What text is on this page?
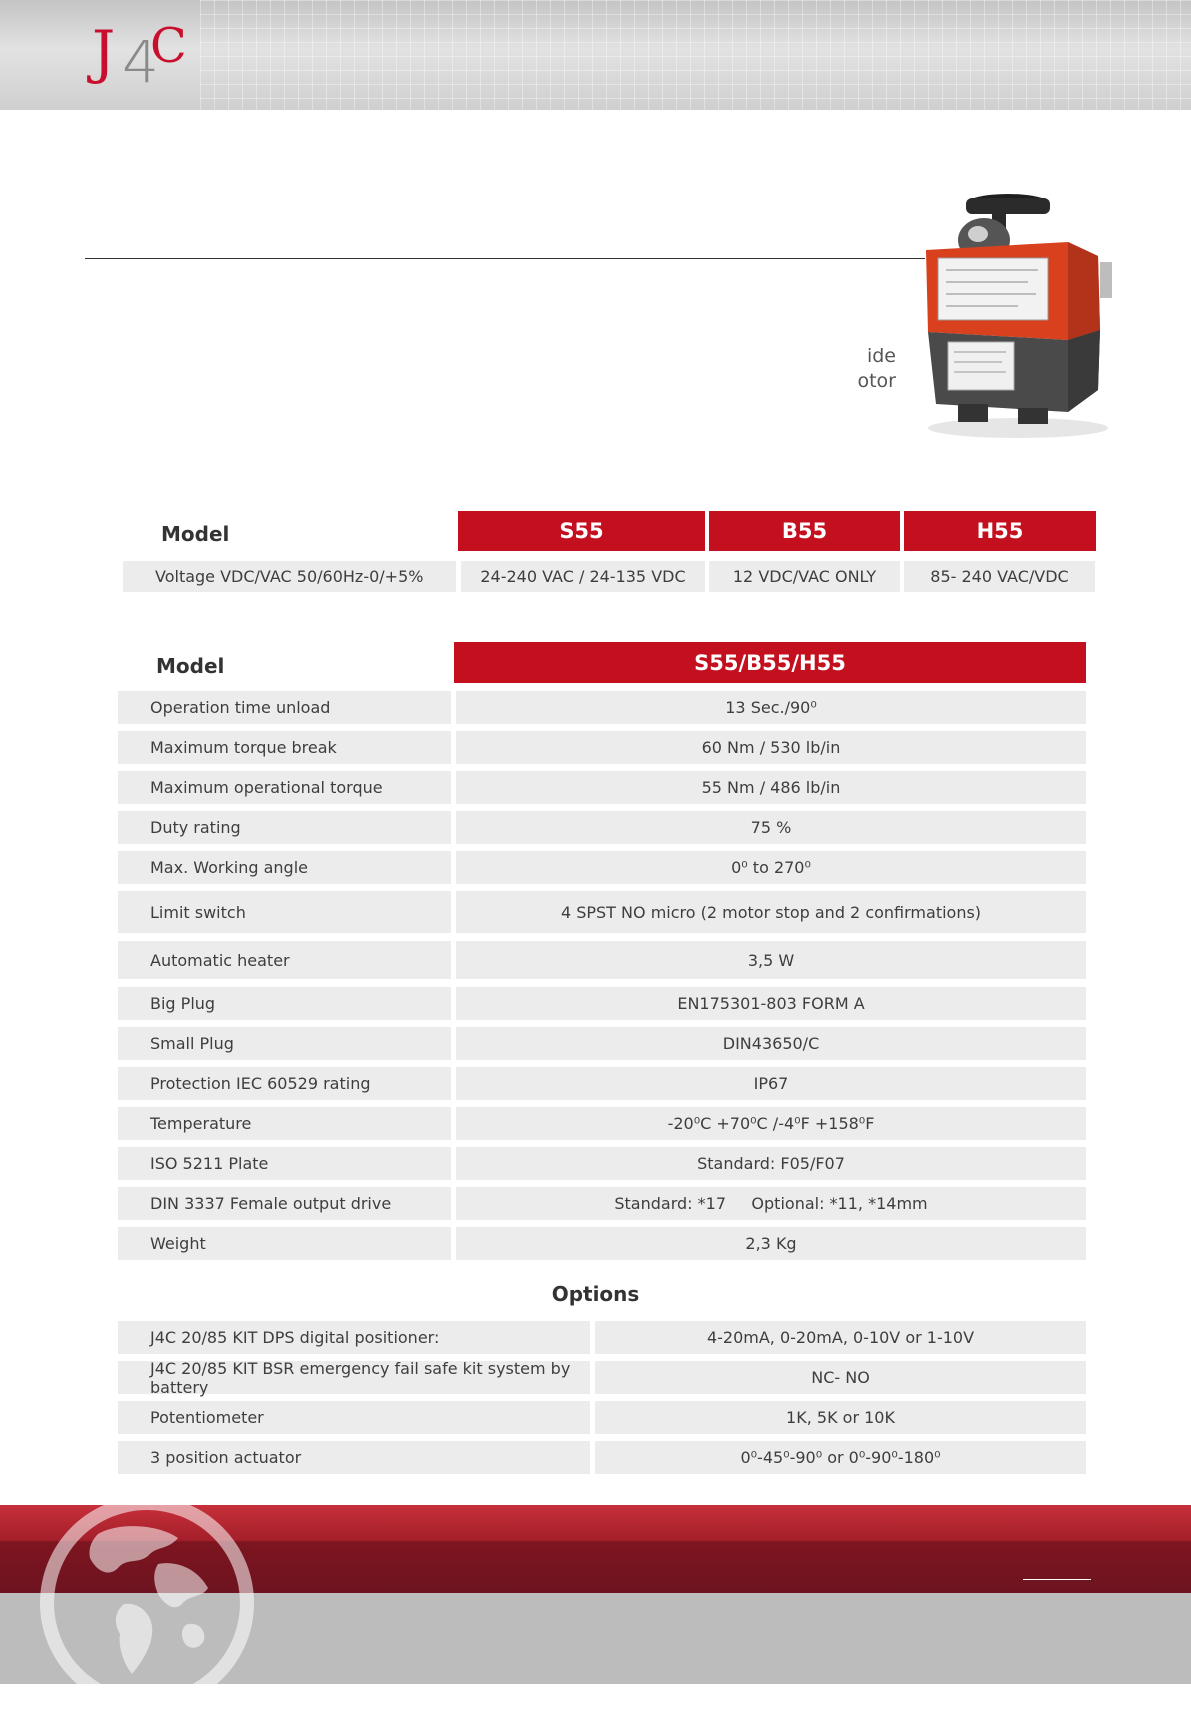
J 4
C
ide
otor
Model	S55	B55	H55
Voltage VDC/VAC 50/60Hz-0/+5%	24-240 VAC / 24-135 VDC	12 VDC/VAC ONLY	85- 240 VAC/VDC
Model	S55/B55/H55
Operation time unload	13 Sec./90⁰
Maximum torque break	60 Nm / 530 lb/in
Maximum operational torque	55 Nm / 486 lb/in
Duty rating	75 %
Max. Working angle	0⁰ to 270⁰
Limit switch	4 SPST NO micro (2 motor stop and 2 confirmations)
Automatic heater	3,5 W
Big Plug	EN175301-803 FORM A
Small Plug	DIN43650/C
Protection IEC 60529 rating	IP67
Temperature	-20⁰C +70⁰C /-4⁰F +158⁰F
ISO 5211 Plate	Standard: F05/F07
DIN 3337 Female output drive	Standard: *17     Optional: *11, *14mm
Weight	2,3 Kg
Options
J4C 20/85 KIT DPS digital positioner:	4-20mA, 0-20mA, 0-10V or 1-10V
J4C 20/85 KIT BSR emergency fail safe kit system by battery	NC- NO
Potentiometer	1K, 5K or 10K
3 position actuator	0⁰-45⁰-90⁰ or 0⁰-90⁰-180⁰
